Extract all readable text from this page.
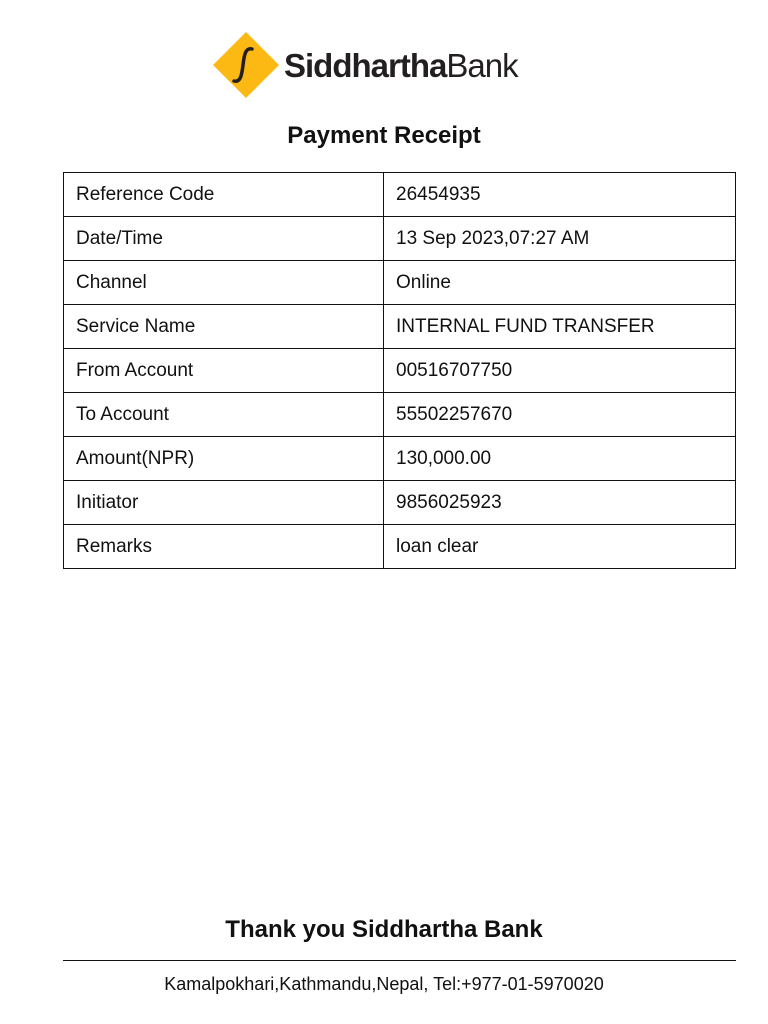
SiddharthaBank
Payment Receipt
Reference Code	26454935
Date/Time	13 Sep 2023,07:27 AM
Channel	Online
Service Name	INTERNAL FUND TRANSFER
From Account	00516707750
To Account	55502257670
Amount(NPR)	130,000.00
Initiator	9856025923
Remarks	loan clear
Thank you Siddhartha Bank
Kamalpokhari,Kathmandu,Nepal, Tel:+977-01-5970020
